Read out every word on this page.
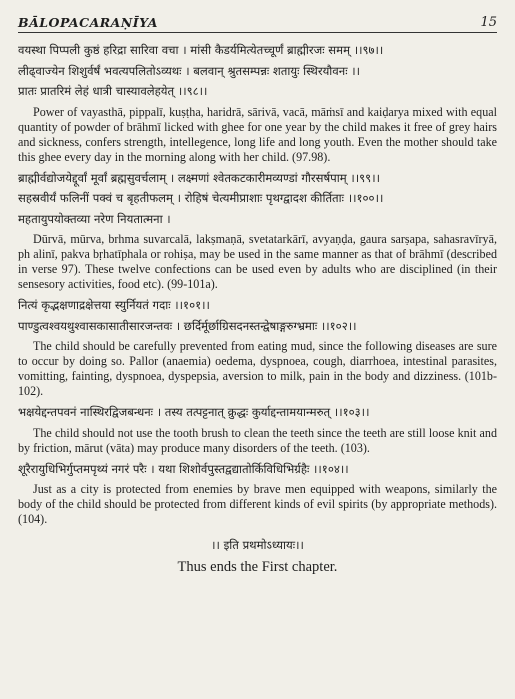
BĀLOPACARAṆĪYA	15
वयस्था पिप्पली कुष्ठं हरिद्रा सारिवा वचा । मांसी कैडर्यमित्येतच्चूर्णं ब्राह्मीरजः समम् ।।९७।।
लीढ्वाज्येन शिशुर्वर्षं भवत्यपलितोऽव्यथः । बलवान् श्रुतसम्पन्नः शतायुः स्थिरयौवनः ।।
प्रातः प्रातरिमं लेहं धात्री चास्यावलेहयेत् ।।९८।।

Power of vayasthā, pippalī, kuṣṭha, haridrā, sārivā, vacā, māṁsī and kaiḍarya mixed with equal quantity of powder of brāhmī licked with ghee for one year by the child makes it free of grey hairs and sickness, confers strength, intellegence, long life and long youth. Even the mother should take this ghee every day in the morning along with her child. (97.98).

ब्राह्मीर्वद्योजयेद्दूर्वां मूर्वां ब्रह्मसुवर्चलाम् । लक्ष्मणां श्वेतकटकारीमव्यण्डां गौरसर्षपाम् ।।९९।।
सहस्रवीर्यं फलिनीं पक्वं च बृहतीफलम् । रोहिषं चेत्यमीप्राशाः पृथग्द्वादश कीर्तिताः ।।१००।।
महतायुपयोक्तव्या नरेण नियतात्मना ।

Dūrvā, mūrva, brhma suvarcalā, lakṣmaṇā, svetatarkārī, avyaṇḍa, gaura sarṣapa, sahasravīryā, ph alinī, pakva bṛhatīphala or rohiṣa, may be used in the same manner as that of brāhmī (described in verse 97). These twelve confections can be used even by adults who are disciplined (in their sensesory activities, food etc). (99-101a).

नित्यं कृद्भक्षणाद्रक्षेत्तया स्युर्नियतं गदाः ।।१०१।।
पाण्डुत्वश्वयथुश्वासकासातीसारजन्तवः । छर्दिर्मूर्छाग्रिसदनस्तन्द्वेषाङ्गरुग्भ्रमाः ।।१०२।।

The child should be carefully prevented from eating mud, since the following diseases are sure to occur by doing so. Pallor (anaemia) oedema, dyspnoea, cough, diarrhoea, intestinal parasites, vomitting, fainting, dyspnoea, dyspepsia, aversion to milk, pain in the body and dizziness. (101b-102).

भक्षयेद्दन्तपवनं नास्थिरद्विजबन्धनः । तस्य तत्पट्टनात् क्रुद्धः कुर्याद्दन्तामयान्मरुत् ।।१०३।।

The child should not use the tooth brush to clean the teeth since the teeth are still loose knit and by friction, mārut (vāta) may produce many disorders of the teeth. (103).

शूरैरायुधिभिर्गुप्तमपृथ्यं नगरं परैः । यथा शिशोर्वपुस्तद्वद्यातोर्किविधिभिर्ग्रहैः ।।१०४।।

Just as a city is protected from enemies by brave men equipped with weapons, similarly the body of the child should be protected from different kinds of evil spirits (by appropriate methods). (104).

।। इति प्रथमोऽध्यायः।।
Thus ends the First chapter.
